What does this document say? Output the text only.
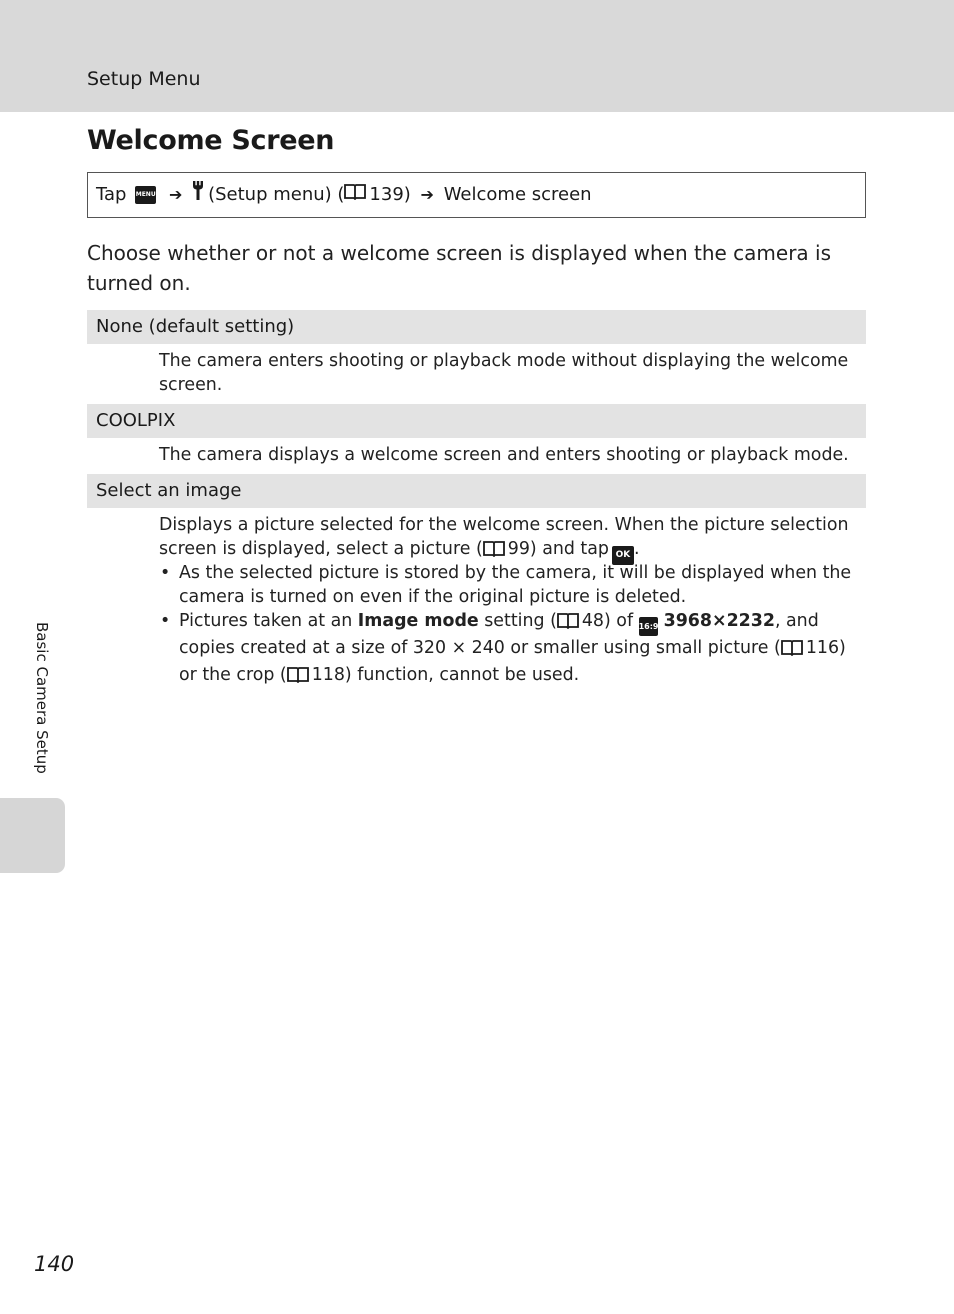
Setup Menu
Welcome Screen
Tap MENU ➔ (Setup menu) ( 139) ➔ Welcome screen

Choose whether or not a welcome screen is displayed when the camera is turned on.

None (default setting)

The camera enters shooting or playback mode without displaying the welcome screen.

COOLPIX

The camera displays a welcome screen and enters shooting or playback mode.

Select an image

Displays a picture selected for the welcome screen. When the picture selection screen is displayed, select a picture ( 99) and tap OK .

• As the selected picture is stored by the camera, it will be displayed when the camera is turned on even if the original picture is deleted.
• Pictures taken at an Image mode setting ( 48) of 16:9 3968×2232, and copies created at a size of 320 × 240 or smaller using small picture ( 116) or the crop ( 118) function, cannot be used.
Basic Camera Setup
140
